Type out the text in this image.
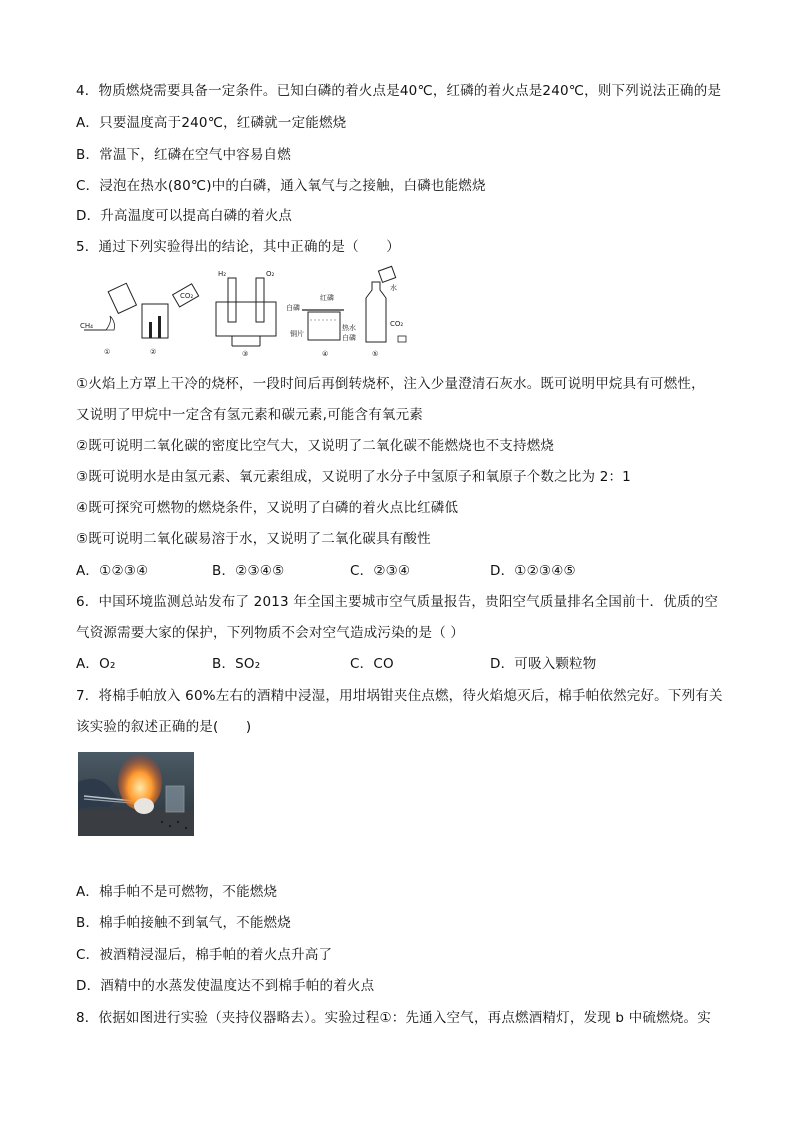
4．物质燃烧需要具备一定条件。已知白磷的着火点是40℃，红磷的着火点是240℃，则下列说法正确的是
A．只要温度高于240℃，红磷就一定能燃烧
B．常温下，红磷在空气中容易自燃
C．浸泡在热水(80℃)中的白磷，通入氧气与之接触，白磷也能燃烧
D．升高温度可以提高白磷的着火点
5．通过下列实验得出的结论，其中正确的是（　　）
CH₄
①
CO₂
②
H₂	O₂
③
红磷
白磷
铜片
热水
白磷
④
水
CO₂
⑤
①火焰上方罩上干冷的烧杯，一段时间后再倒转烧杯，注入少量澄清石灰水。既可说明甲烷具有可燃性，
又说明了甲烷中一定含有氢元素和碳元素,可能含有氧元素
②既可说明二氧化碳的密度比空气大，又说明了二氧化碳不能燃烧也不支持燃烧
③既可说明水是由氢元素、氧元素组成，又说明了水分子中氢原子和氧原子个数之比为 2：1
④既可探究可燃物的燃烧条件，又说明了白磷的着火点比红磷低
⑤既可说明二氧化碳易溶于水，又说明了二氧化碳具有酸性
A．①②③④	B．②③④⑤	C．②③④	D．①②③④⑤
6．中国环境监测总站发布了 2013 年全国主要城市空气质量报告，贵阳空气质量排名全国前十．优质的空
气资源需要大家的保护，下列物质不会对空气造成污染的是（ ）
A．O₂	B．SO₂	C．CO	D．可吸入颗粒物
7．将棉手帕放入 60%左右的酒精中浸湿，用坩埚钳夹住点燃，待火焰熄灭后，棉手帕依然完好。下列有关
该实验的叙述正确的是(　　)
A．棉手帕不是可燃物，不能燃烧
B．棉手帕接触不到氧气，不能燃烧
C．被酒精浸湿后，棉手帕的着火点升高了
D．酒精中的水蒸发使温度达不到棉手帕的着火点
8．依据如图进行实验（夹持仪器略去）。实验过程①：先通入空气，再点燃酒精灯，发现 b 中硫燃烧。实
